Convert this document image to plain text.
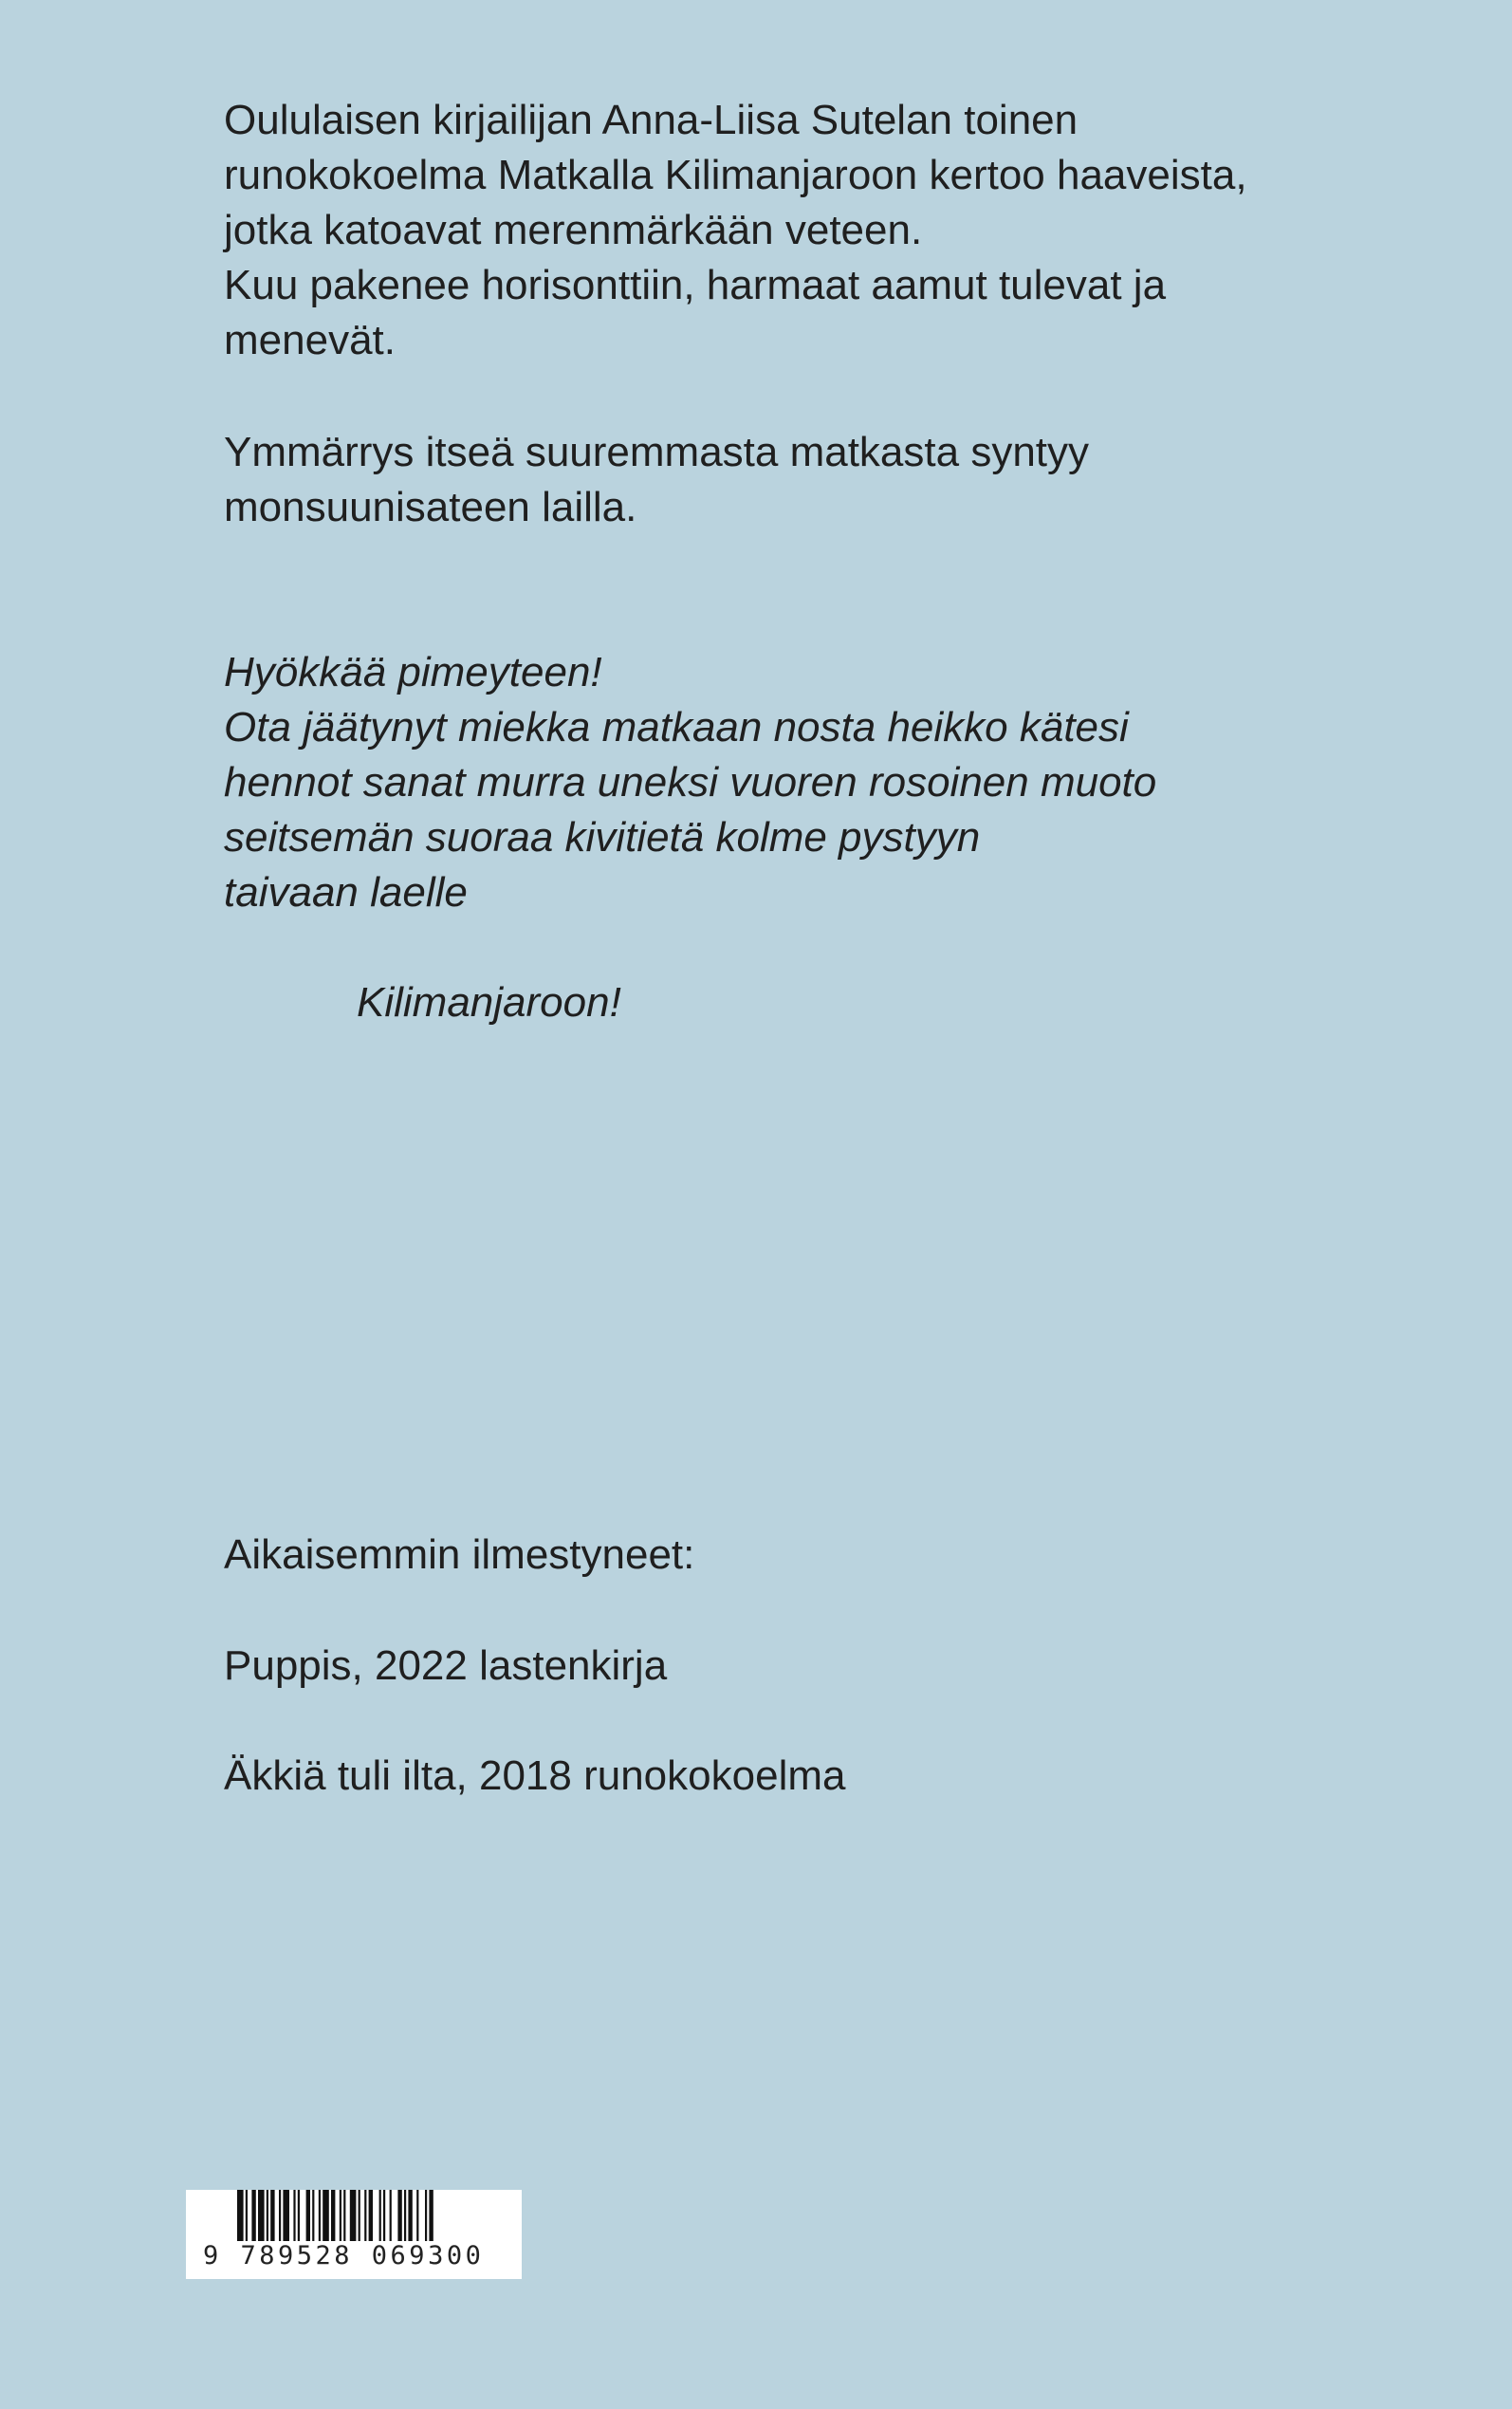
Oululaisen kirjailijan Anna-Liisa Sutelan toinen

runokokoelma Matkalla Kilimanjaroon kertoo haaveista,

jotka katoavat merenmärkään veteen.

Kuu pakenee horisonttiin, harmaat aamut tulevat ja

menevät.

Ymmärrys itseä suuremmasta matkasta syntyy

monsuunisateen lailla.

Hyökkää pimeyteen!

Ota jäätynyt miekka matkaan nosta heikko kätesi

hennot sanat murra uneksi vuoren rosoinen muoto

seitsemän suoraa kivitietä kolme pystyyn

taivaan laelle

Kilimanjaroon!

Aikaisemmin ilmestyneet:

Puppis, 2022 lastenkirja

Äkkiä tuli ilta, 2018 runokokoelma

9 789528 069300
